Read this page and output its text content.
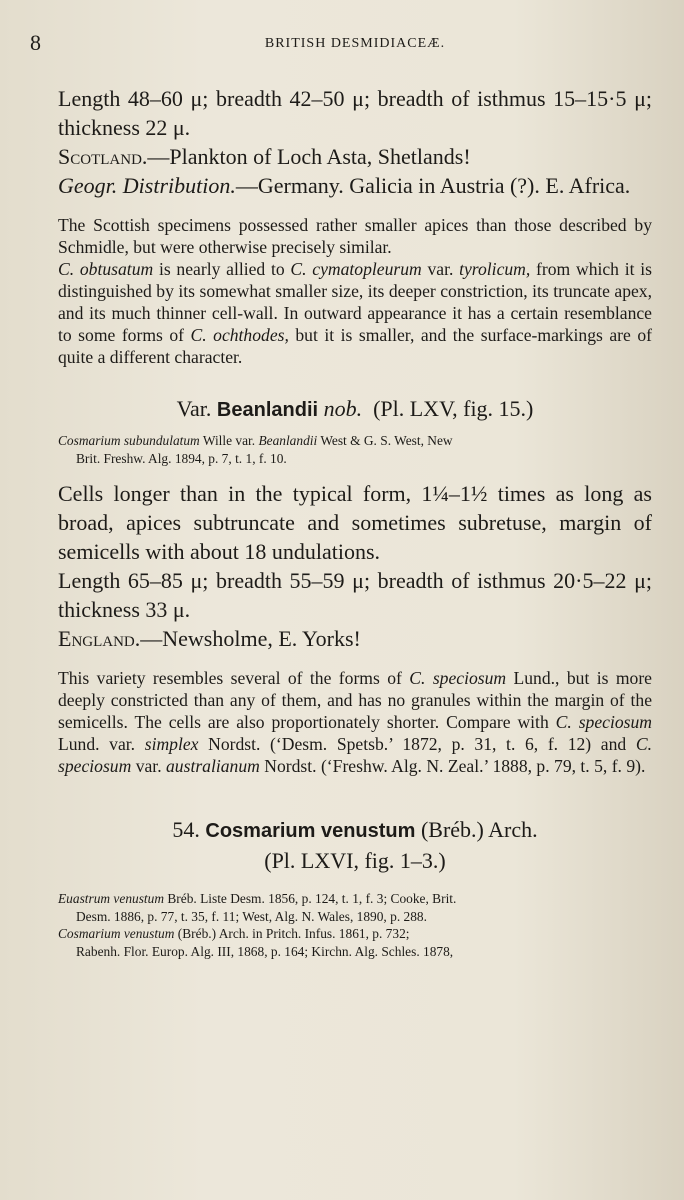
8	BRITISH DESMIDIACEÆ.

Length 48–60 μ; breadth 42–50 μ; breadth of isthmus 15–15·5 μ; thickness 22 μ.

Scotland.—Plankton of Loch Asta, Shetlands!

Geogr. Distribution.—Germany. Galicia in Austria (?). E. Africa.

The Scottish specimens possessed rather smaller apices than those described by Schmidle, but were otherwise precisely similar.

C. obtusatum is nearly allied to C. cymatopleurum var. tyrolicum, from which it is distinguished by its somewhat smaller size, its deeper constriction, its truncate apex, and its much thinner cell-wall. In outward appearance it has a certain resemblance to some forms of C. ochthodes, but it is smaller, and the surface-markings are of quite a different character.

Var. Beanlandii nob.  (Pl. LXV, fig. 15.)

Cosmarium subundulatum Wille var. Beanlandii West & G. S. West, New
Brit. Freshw. Alg. 1894, p. 7, t. 1, f. 10.

Cells longer than in the typical form, 1¼–1½ times as long as broad, apices subtruncate and sometimes subretuse, margin of semicells with about 18 undulations.

Length 65–85 μ; breadth 55–59 μ; breadth of isthmus 20·5–22 μ; thickness 33 μ.

England.—Newsholme, E. Yorks!

This variety resembles several of the forms of C. speciosum Lund., but is more deeply constricted than any of them, and has no granules within the margin of the semicells. The cells are also proportionately shorter. Compare with C. speciosum Lund. var. simplex Nordst. (‘Desm. Spetsb.’ 1872, p. 31, t. 6, f. 12) and C. speciosum var. australianum Nordst. (‘Freshw. Alg. N. Zeal.’ 1888, p. 79, t. 5, f. 9).

54. Cosmarium venustum (Bréb.) Arch.

(Pl. LXVI, fig. 1–3.)

Euastrum venustum Bréb. Liste Desm. 1856, p. 124, t. 1, f. 3; Cooke, Brit.
Desm. 1886, p. 77, t. 35, f. 11; West, Alg. N. Wales, 1890, p. 288.
Cosmarium venustum (Bréb.) Arch. in Pritch. Infus. 1861, p. 732;
Rabenh. Flor. Europ. Alg. III, 1868, p. 164; Kirchn. Alg. Schles. 1878,
